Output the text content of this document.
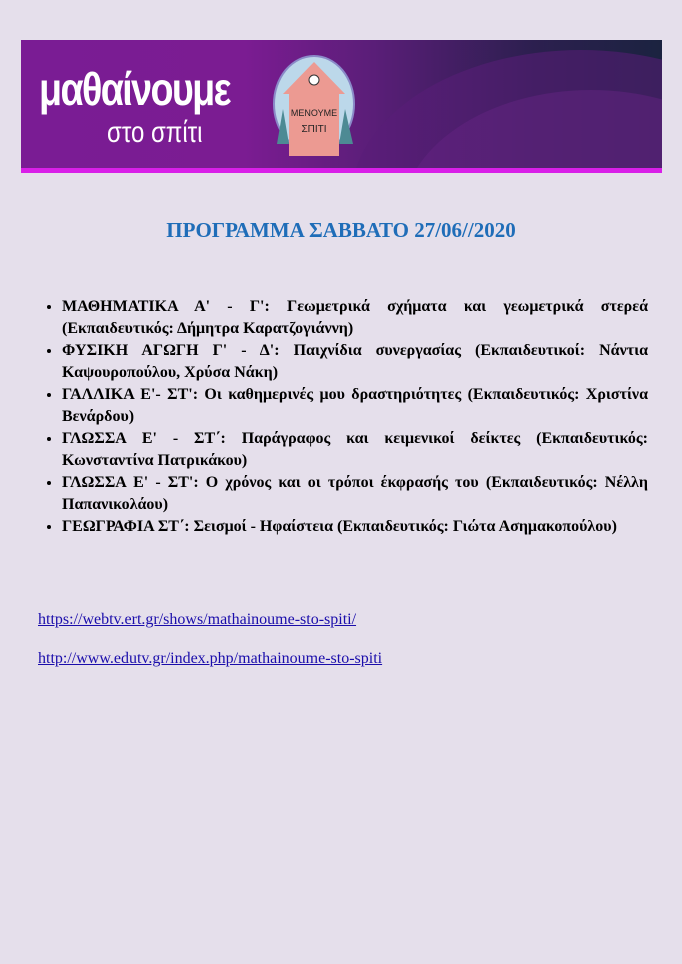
μαθαίνουμε
στο σπίτι
ΜΕΝΟΥΜΕ
ΣΠΙΤΙ
ΠΡΟΓΡΑΜΜΑ ΣΑΒΒΑΤΟ 27/06//2020
• ΜΑΘΗΜΑΤΙΚΑ Α' - Γ': Γεωμετρικά σχήματα και γεωμετρικά στερεά (Εκπαιδευτικός: Δήμητρα Καρατζογιάννη)
• ΦΥΣΙΚΗ ΑΓΩΓΗ Γ' - Δ': Παιχνίδια συνεργασίας (Εκπαιδευτικοί: Νάντια Καψουροπούλου, Χρύσα Νάκη)
• ΓΑΛΛΙΚΑ Ε'- ΣΤ': Οι καθημερινές μου δραστηριότητες (Εκπαιδευτικός: Χριστίνα Βενάρδου)
• ΓΛΩΣΣΑ Ε' - ΣΤ΄: Παράγραφος και κειμενικοί δείκτες (Εκπαιδευτικός: Κωνσταντίνα Πατρικάκου)
• ΓΛΩΣΣΑ Ε' - ΣΤ': Ο χρόνος και οι τρόποι έκφρασής του (Εκπαιδευτικός: Νέλλη Παπανικολάου)
• ΓΕΩΓΡΑΦΙΑ ΣΤ΄: Σεισμοί - Ηφαίστεια (Εκπαιδευτικός: Γιώτα Ασημακοπούλου)
https://webtv.ert.gr/shows/mathainoume-sto-spiti/
http://www.edutv.gr/index.php/mathainoume-sto-spiti
